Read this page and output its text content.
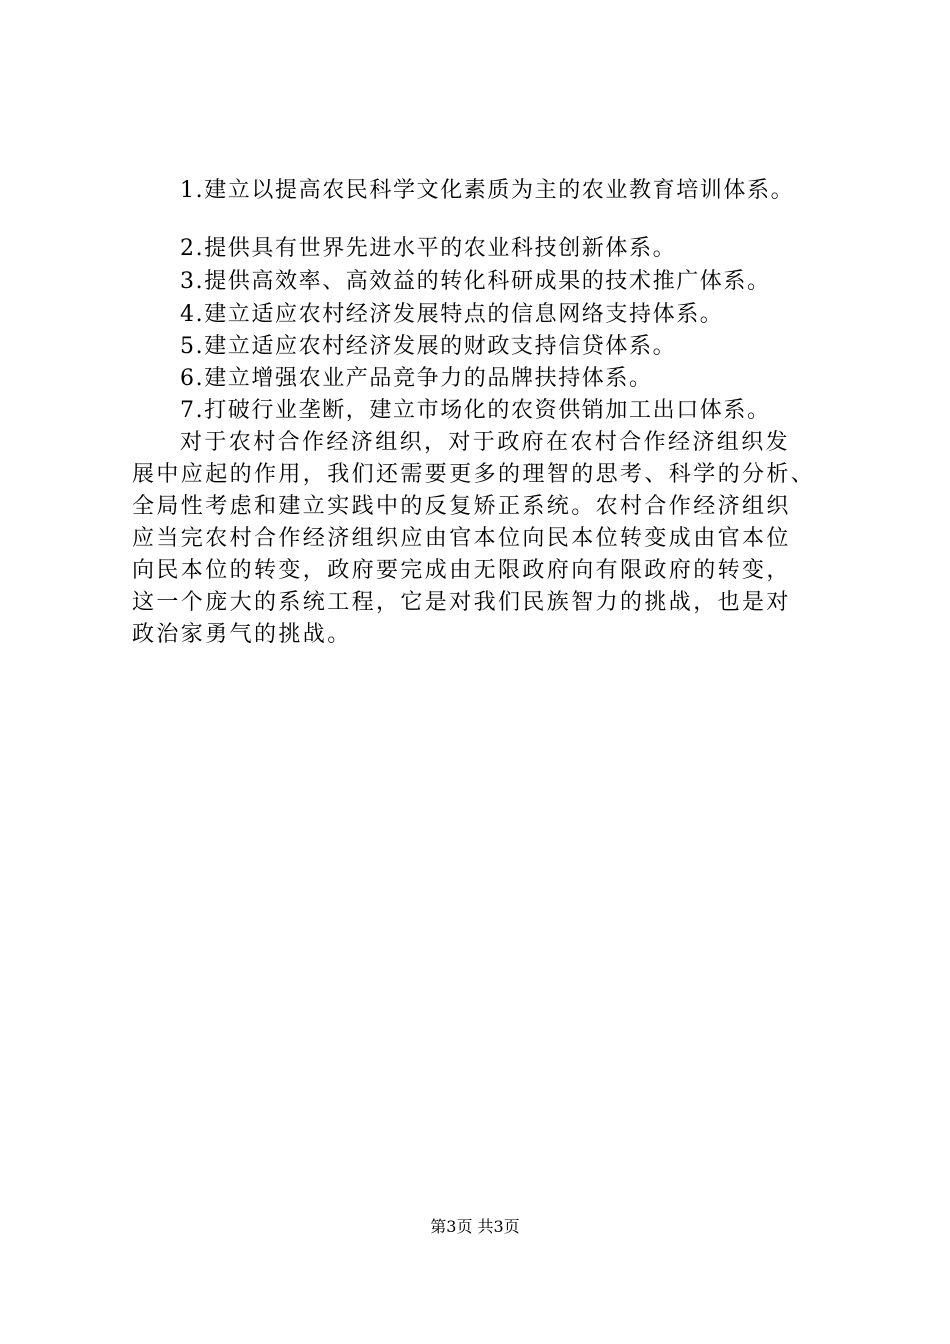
1.建立以提高农民科学文化素质为主的农业教育培训体系。
2.提供具有世界先进水平的农业科技创新体系。
3.提供高效率、高效益的转化科研成果的技术推广体系。
4.建立适应农村经济发展特点的信息网络支持体系。
5.建立适应农村经济发展的财政支持信贷体系。
6.建立增强农业产品竞争力的品牌扶持体系。
7.打破行业垄断，建立市场化的农资供销加工出口体系。
对于农村合作经济组织，对于政府在农村合作经济组织发
展中应起的作用，我们还需要更多的理智的思考、科学的分析、
全局性考虑和建立实践中的反复矫正系统。农村合作经济组织
应当完农村合作经济组织应由官本位向民本位转变成由官本位
向民本位的转变，政府要完成由无限政府向有限政府的转变，
这一个庞大的系统工程，它是对我们民族智力的挑战，也是对
政治家勇气的挑战。
第3页 共3页
